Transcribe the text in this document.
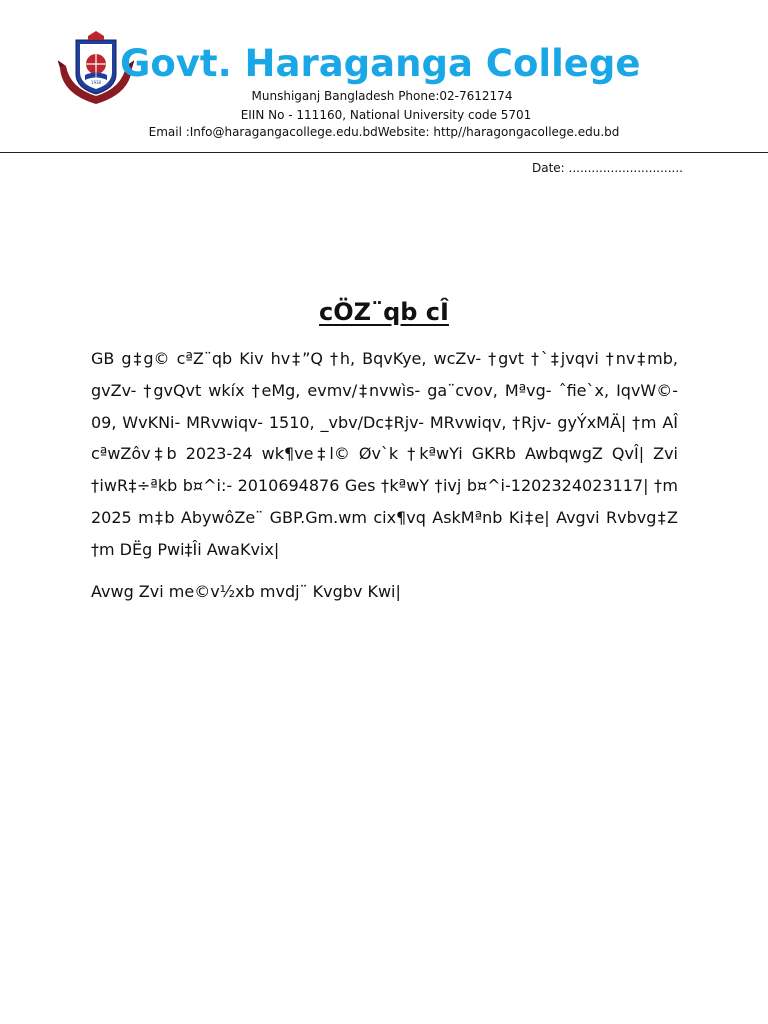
1938 Govt. Haraganga College
Munshiganj Bangladesh Phone:02-7612174
EIIN No - 111160, National University code 5701
Email :Info@haragangacollege.edu.bdWebsite: http//haragongacollege.edu.bd
Date: ..............................
cÖZ¨qb cÎ
GB g‡g© cªZ¨qb Kiv hv‡”Q †h, BqvKye, wcZv- †gvt †`‡jvqvi †nv‡mb, gvZv- †gvQvt wkíx †eMg, evmv/‡nvwìs- ga¨cvov, Mªvg- ˆfie`x, IqvW©- 09, WvKNi- MRvwiqv- 1510, _vbv/Dc‡Rjv- MRvwiqv, †Rjv- gyÝxMÄ| †m AÎ cªwZôv‡b 2023-24 wk¶ve‡l© Øv`k †kªwYi GKRb AwbqwgZ QvÎ| Zvi †iwR‡÷ªkb b¤^i:- 2010694876 Ges †kªwY †ivj b¤^i-1202324023117| †m 2025 m‡b AbywôZe¨ GBP.Gm.wm cix¶vq AskMªnb Ki‡e| Avgvi Rvbvg‡Z †m DËg Pwi‡Îi AwaKvix|
Avwg Zvi me©v½xb mvdj¨ Kvgbv Kwi|
